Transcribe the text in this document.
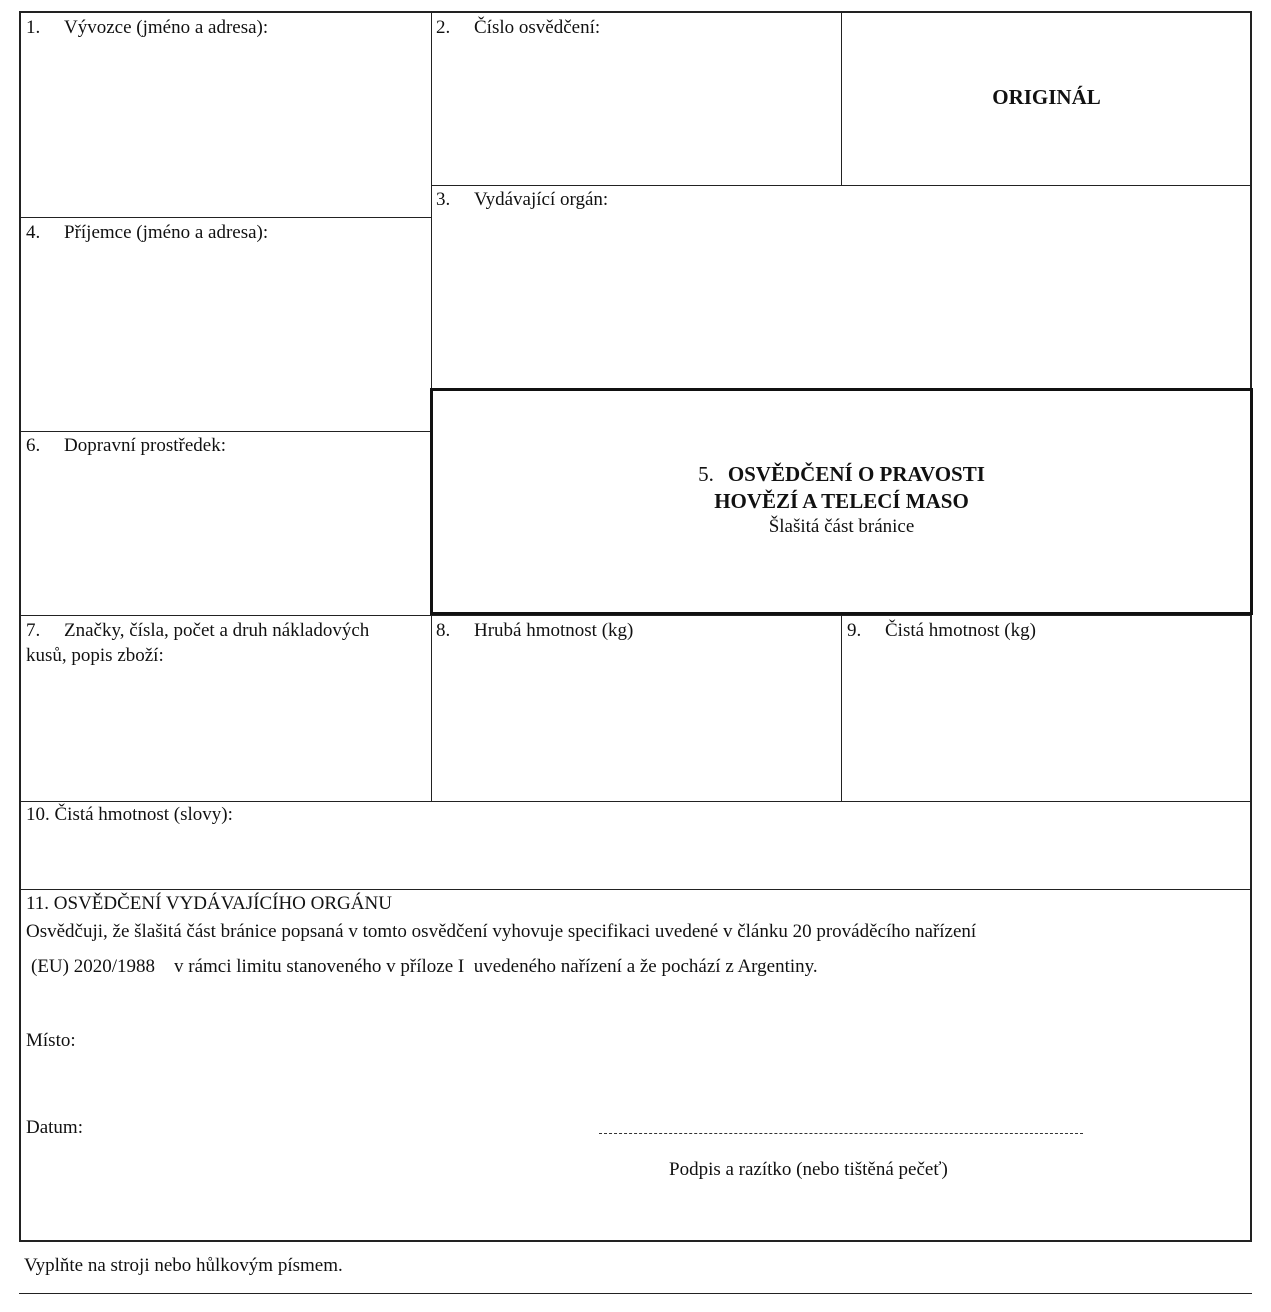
1. Vývozce (jméno a adresa):	2. Číslo osvědčení:
ORIGINÁL
3. Vydávající orgán:
4. Příjemce (jméno a adresa):
6. Dopravní prostředek:
5. OSVĚDČENÍ O PRAVOSTI
HOVĚZÍ A TELECÍ MASO
Šlašitá část bránice
7. Značky, čísla, počet a druh nákladových
kusů, popis zboží:
8. Hrubá hmotnost (kg)	9. Čistá hmotnost (kg)
10. Čistá hmotnost (slovy):
11. OSVĚDČENÍ VYDÁVAJÍCÍHO ORGÁNU
Osvědčuji, že šlašitá část bránice popsaná v tomto osvědčení vyhovuje specifikaci uvedené v článku 20 prováděcího nařízení
(EU) 2020/1988    v rámci limitu stanoveného v příloze I  uvedeného nařízení a že pochází z Argentiny.
Místo:
Datum:
Podpis a razítko (nebo tištěná pečeť)
Vyplňte na stroji nebo hůlkovým písmem.
